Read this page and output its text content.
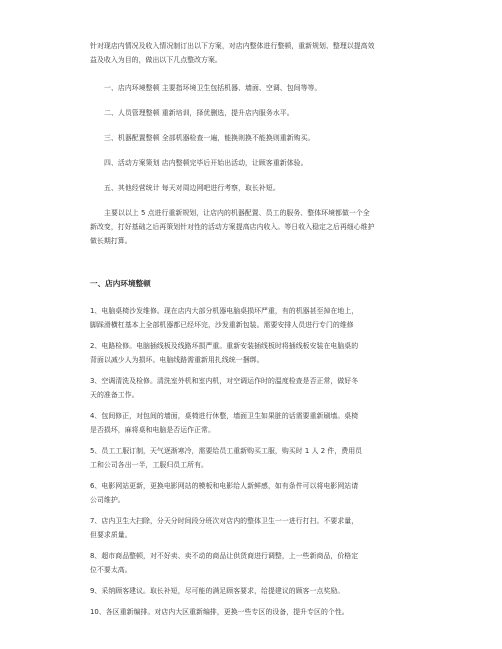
针对现店内情况及收入情况制订出以下方案，对店内整体进行整顿，重新规划、整理以提高效
益及收入为目的，做出以下几点整改方案。
一、店内环境整顿 主要指环境卫生包括机器、墙面、空调、包间等等。
二、人员管理整顿 重新培训，择优删选，提升店内服务水平。
三、机器配置整顿 全部机器检查一遍，能换则换不能换则重新购买。
四、活动方案策划 店内整顿完毕后开始出活动，让顾客重新体验。
五、其他经营统计 每天对周边网吧进行考察，取长补短。
主要以以上 5 点进行重新规划，让店内的机器配置、员工的服务、整体环境都做一个全
新改变，打好基础之后再策划针对性的活动方案提高店内收入。等日收入稳定之后再细心维护
做长期打算。
一、店内环境整顿
1、电脑桌椅沙发维修。现在店内大部分机器电脑桌损坏严重，有的机器甚至掉在地上，
脚踩滑横杠基本上全部机器都已经坏完，沙发重新包装。需要安排人员进行专门的维修
2、电路检修。电脑插线板及线路坏损严重。重新安装插线板时将插线板安装在电脑桌的
背面以减少人为损坏。电脑线路需重新用扎线统一捆绑。
3、空调清洗及检修。清洗室外机和室内机，对空调运作时的温度检查是否正常，做好冬
天的准备工作。
4、包间修正，对包间的墙面，桌椅进行休整，墙面卫生如果脏的话需要重新刷墙。桌椅
是否损坏，麻将桌和电脑是否运作正常。
5、员工工服订制，天气逐渐寒冷，需要给员工重新购买工服，购买时 1 人 2 件，费用员
工和公司各出一半，工服归员工所有。
6、电影网站更新，更换电影网站的模板和电影给人新鲜感，如有条件可以将电影网站请
公司维护。
7、店内卫生大扫除，分天分时间段分班次对店内的整体卫生一一进行打扫。不要求量，
但要求质量。
8、超市商品整顿，对不好卖、卖不动的商品让供货商进行调整，上一些新商品，价格定
位不要太高。
9、采纳顾客建议。取长补短，尽可能的满足顾客要求，给提建议的顾客一点奖励。
10、各区重新编排。对店内大区重新编排，更换一些专区的设备，提升专区的个性。
